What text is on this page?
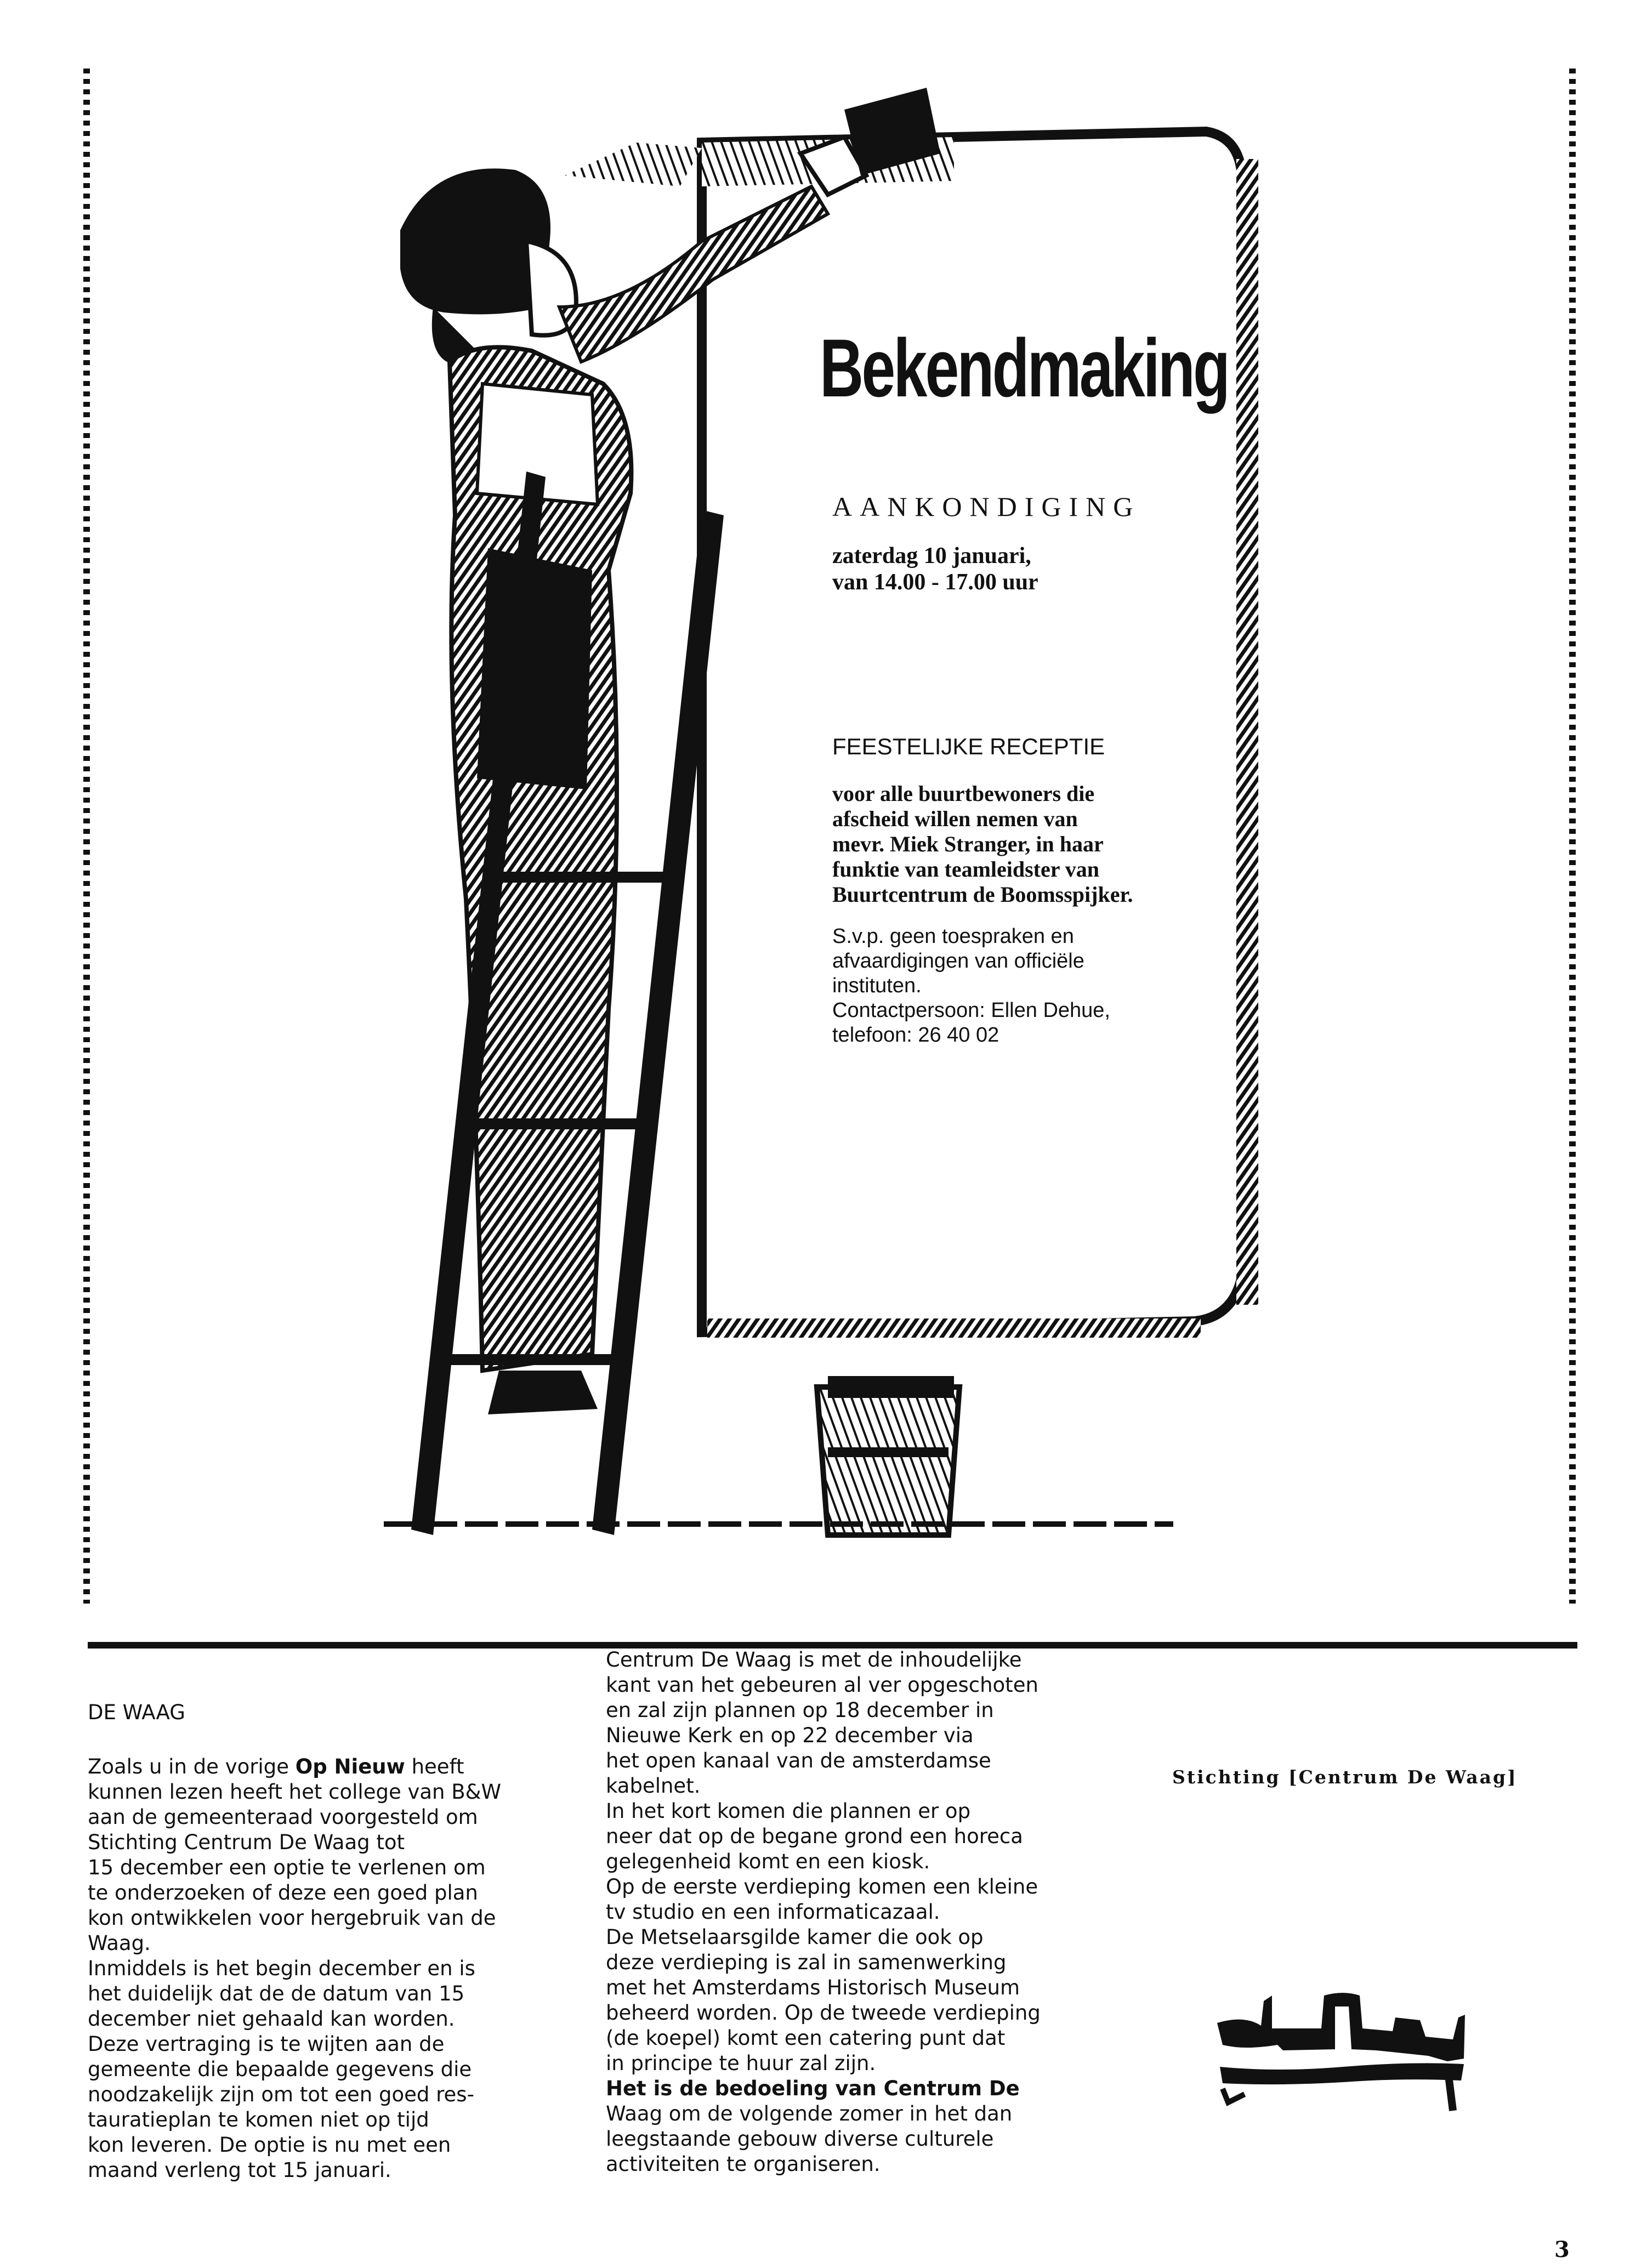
Bekendmaking
AANKONDIGING
zaterdag 10 januari,
van 14.00 - 17.00 uur
FEESTELIJKE RECEPTIE
voor alle buurtbewoners die
afscheid willen nemen van
mevr. Miek Stranger, in haar
funktie van teamleidster van
Buurtcentrum de Boomsspijker.
S.v.p. geen toespraken en
afvaardigingen van officiële
instituten.
Contactpersoon: Ellen Dehue,
telefoon: 26 40 02
DE WAAG
Zoals u in de vorige Op Nieuw heeft
kunnen lezen heeft het college van B&W
aan de gemeenteraad voorgesteld om
Stichting Centrum De Waag tot
15 december een optie te verlenen om
te onderzoeken of deze een goed plan
kon ontwikkelen voor hergebruik van de
Waag.
Inmiddels is het begin december en is
het duidelijk dat de de datum van 15
december niet gehaald kan worden.
Deze vertraging is te wijten aan de
gemeente die bepaalde gegevens die
noodzakelijk zijn om tot een goed res-
tauratieplan te komen niet op tijd
kon leveren. De optie is nu met een
maand verleng tot 15 januari.
Centrum De Waag is met de inhoudelijke
kant van het gebeuren al ver opgeschoten
en zal zijn plannen op 18 december in
Nieuwe Kerk en op 22 december via
het open kanaal van de amsterdamse
kabelnet.
In het kort komen die plannen er op
neer dat op de begane grond een horeca
gelegenheid komt en een kiosk.
Op de eerste verdieping komen een kleine
tv studio en een informaticazaal.
De Metselaarsgilde kamer die ook op
deze verdieping is zal in samenwerking
met het Amsterdams Historisch Museum
beheerd worden. Op de tweede verdieping
(de koepel) komt een catering punt dat
in principe te huur zal zijn.
Het is de bedoeling van Centrum De
Waag om de volgende zomer in het dan
leegstaande gebouw diverse culturele
activiteiten te organiseren.
Stichting [Centrum De Waag]
3
